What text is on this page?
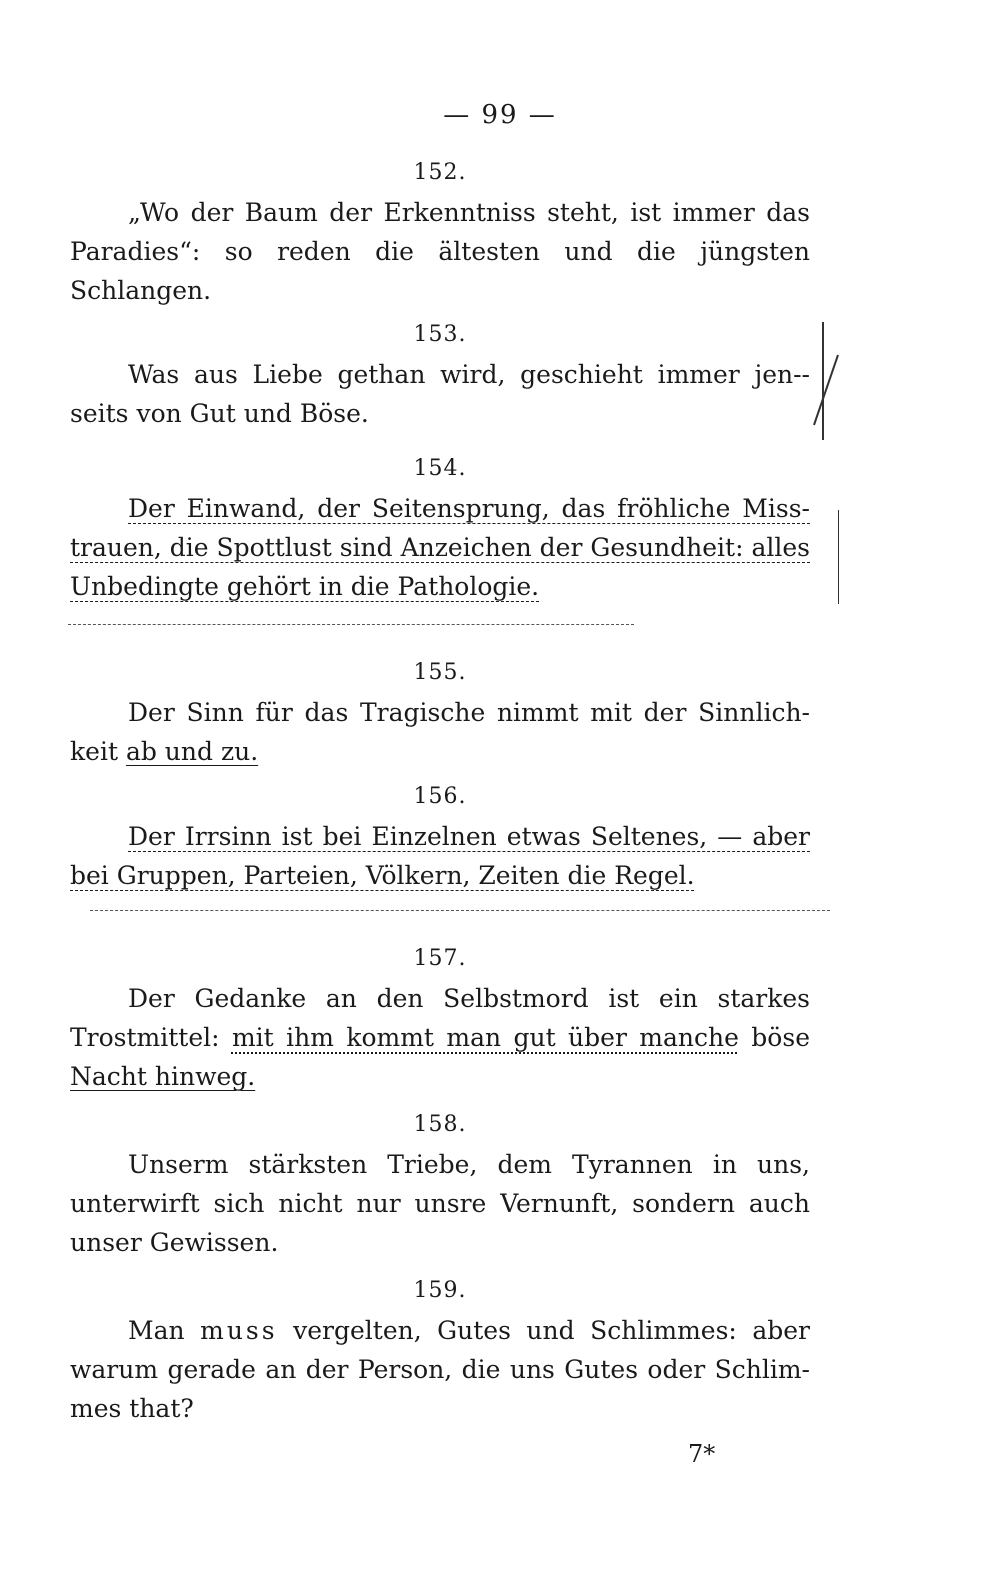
— 99 —
152.
„Wo der Baum der Erkenntniss steht, ist immer das Paradies“: so reden die ältesten und die jüngsten Schlangen.
153.
Was aus Liebe gethan wird, geschieht immer jen-seits von Gut und Böse.
154.
Der Einwand, der Seitensprung, das fröhliche Miss-trauen, die Spottlust sind Anzeichen der Gesundheit: alles Unbedingte gehört in die Pathologie.
155.
Der Sinn für das Tragische nimmt mit der Sinnlich-keit ab und zu.
156.
Der Irrsinn ist bei Einzelnen etwas Seltenes, — aber bei Gruppen, Parteien, Völkern, Zeiten die Regel.
157.
Der Gedanke an den Selbstmord ist ein starkes Trostmittel: mit ihm kommt man gut über manche böse Nacht hinweg.
158.
Unserm stärksten Triebe, dem Tyrannen in uns, unterwirft sich nicht nur unsre Vernunft, sondern auch unser Gewissen.
159.
Man muss vergelten, Gutes und Schlimmes: aber warum gerade an der Person, die uns Gutes oder Schlim-mes that?
7*
